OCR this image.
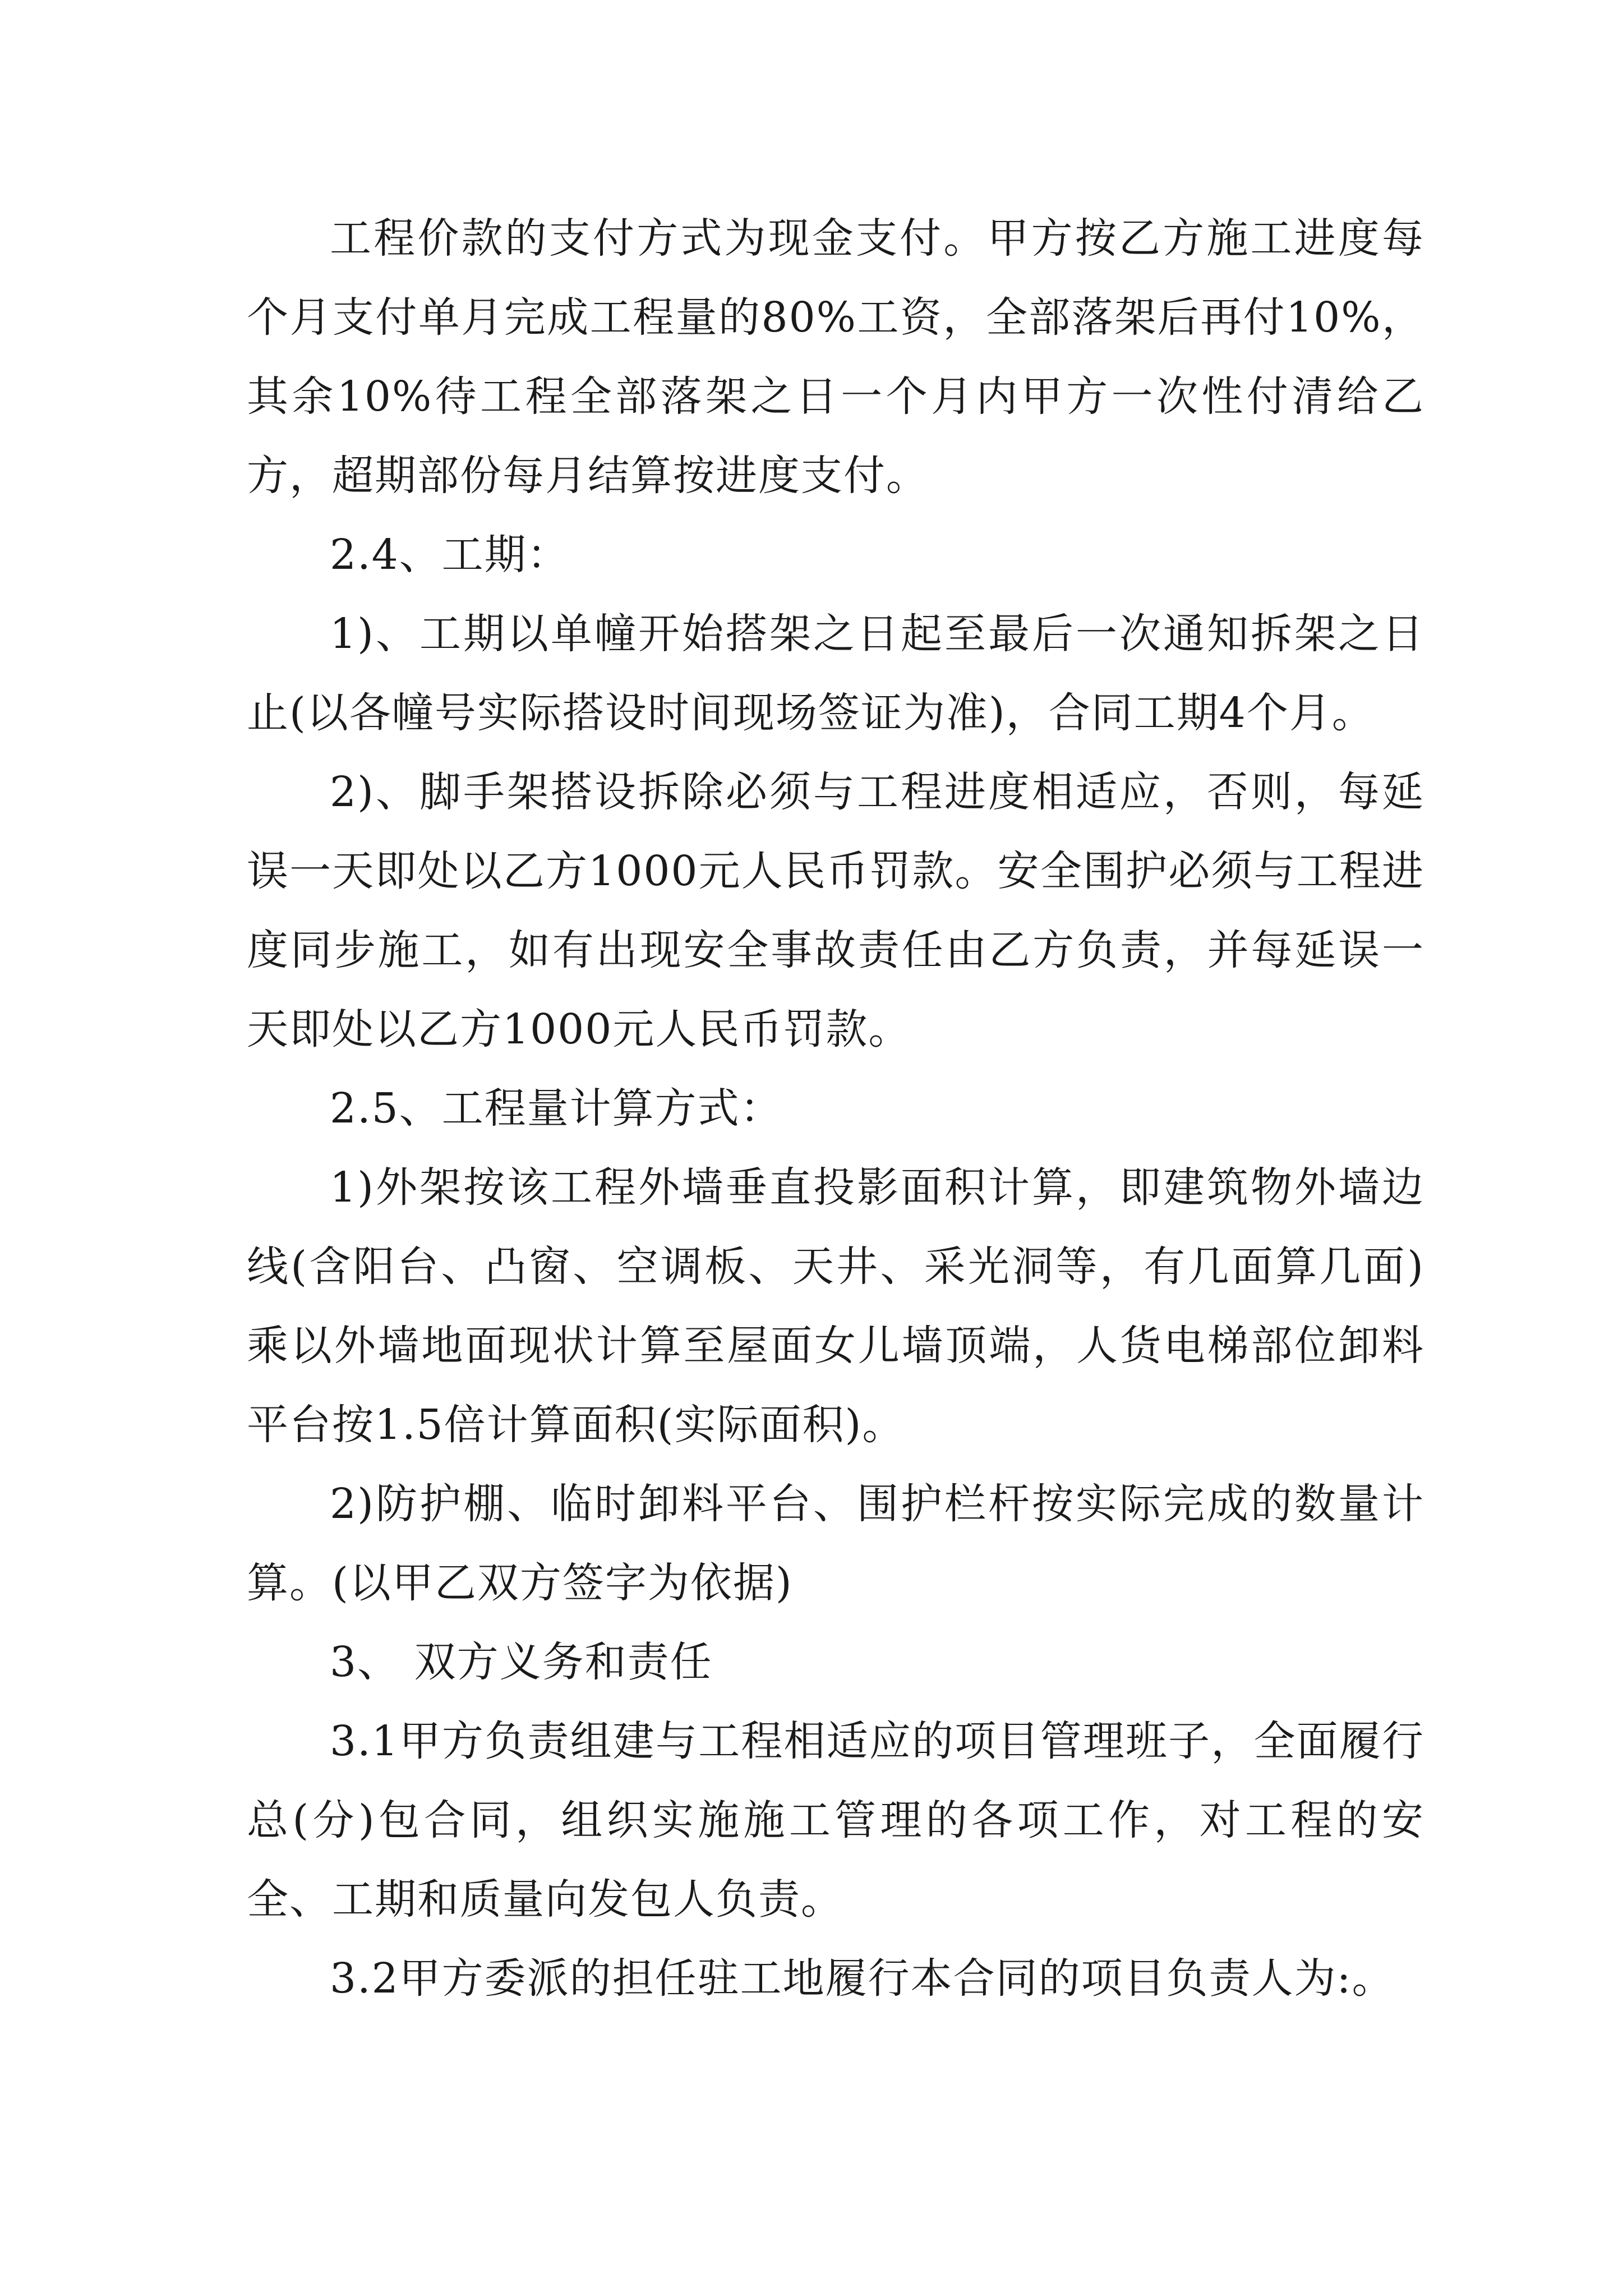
工程价款的支付方式为现金支付。甲方按乙方施工进度每个月支付单月完成工程量的80%工资，全部落架后再付10%，其余10%待工程全部落架之日一个月内甲方一次性付清给乙方，超期部份每月结算按进度支付。

2.4、工期：

1)、工期以单幢开始搭架之日起至最后一次通知拆架之日止(以各幢号实际搭设时间现场签证为准)，合同工期4个月。

2)、脚手架搭设拆除必须与工程进度相适应，否则，每延误一天即处以乙方1000元人民币罚款。安全围护必须与工程进度同步施工，如有出现安全事故责任由乙方负责，并每延误一天即处以乙方1000元人民币罚款。

2.5、工程量计算方式：

1)外架按该工程外墙垂直投影面积计算，即建筑物外墙边线(含阳台、凸窗、空调板、天井、采光洞等，有几面算几面)乘以外墙地面现状计算至屋面女儿墙顶端，人货电梯部位卸料平台按1.5倍计算面积(实际面积)。

2)防护棚、临时卸料平台、围护栏杆按实际完成的数量计算。(以甲乙双方签字为依据)

3、 双方义务和责任

3.1甲方负责组建与工程相适应的项目管理班子，全面履行总(分)包合同，组织实施施工管理的各项工作，对工程的安全、工期和质量向发包人负责。

3.2甲方委派的担任驻工地履行本合同的项目负责人为:。
